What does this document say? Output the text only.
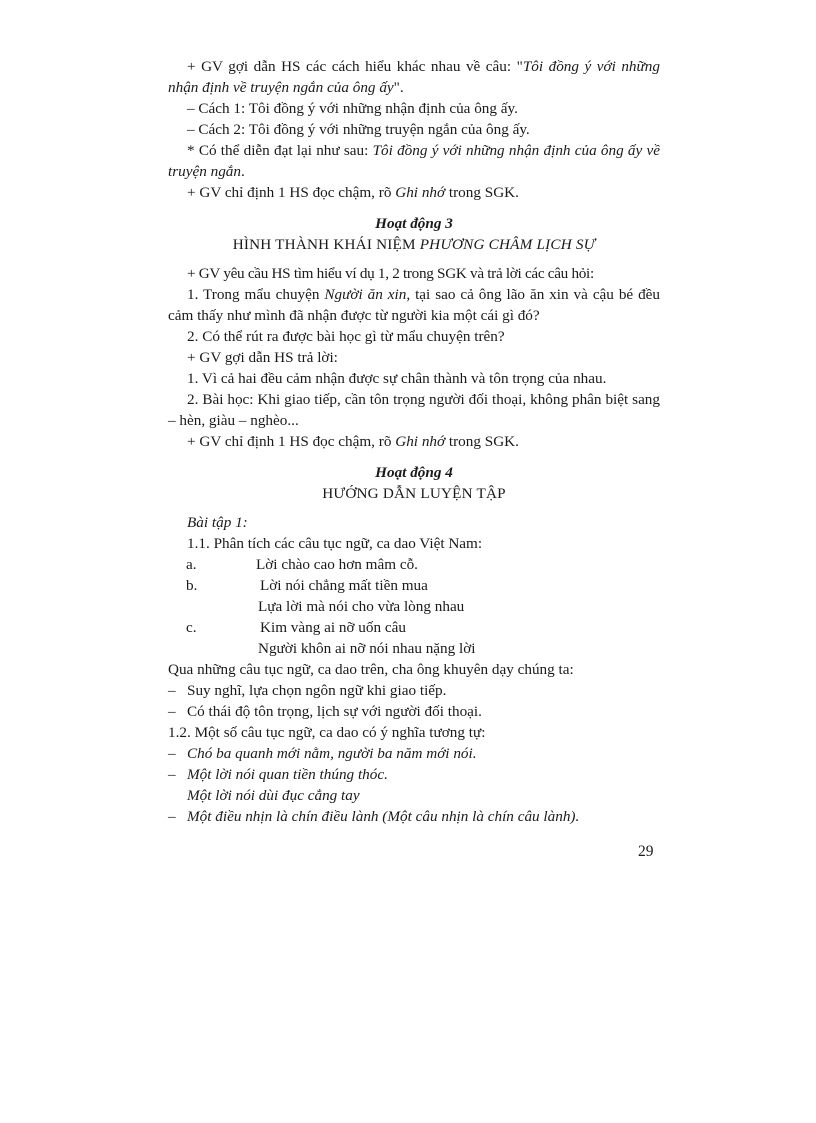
+ GV gợi dẫn HS các cách hiểu khác nhau về câu: "Tôi đồng ý với những nhận định về truyện ngắn của ông ấy".

– Cách 1: Tôi đồng ý với những nhận định của ông ấy.

– Cách 2: Tôi đồng ý với những truyện ngắn của ông ấy.

* Có thể diễn đạt lại như sau: Tôi đồng ý với những nhận định của ông ấy về truyện ngắn.

+ GV chỉ định 1 HS đọc chậm, rõ Ghi nhớ trong SGK.

Hoạt động 3

HÌNH THÀNH KHÁI NIỆM PHƯƠNG CHÂM LỊCH SỰ

+ GV yêu cầu HS tìm hiểu ví dụ 1, 2 trong SGK và trả lời các câu hỏi:

1. Trong mẩu chuyện Người ăn xin, tại sao cả ông lão ăn xin và cậu bé đều cảm thấy như mình đã nhận được từ người kia một cái gì đó?

2. Có thể rút ra được bài học gì từ mẩu chuyện trên?

+ GV gợi dẫn HS trả lời:

1. Vì cả hai đều cảm nhận được sự chân thành và tôn trọng của nhau.

2. Bài học: Khi giao tiếp, cần tôn trọng người đối thoại, không phân biệt sang – hèn, giàu – nghèo...

+ GV chỉ định 1 HS đọc chậm, rõ Ghi nhớ trong SGK.

Hoạt động 4

HƯỚNG DẪN LUYỆN TẬP

Bài tập 1:

1.1. Phân tích các câu tục ngữ, ca dao Việt Nam:

a.	Lời chào cao hơn mâm cỗ.
b.	Lời nói chẳng mất tiền mua

Lựa lời mà nói cho vừa lòng nhau

c.	Kim vàng ai nỡ uốn câu

Người khôn ai nỡ nói nhau nặng lời

Qua những câu tục ngữ, ca dao trên, cha ông khuyên dạy chúng ta:

– Suy nghĩ, lựa chọn ngôn ngữ khi giao tiếp.
– Có thái độ tôn trọng, lịch sự với người đối thoại.

1.2. Một số câu tục ngữ, ca dao có ý nghĩa tương tự:

– Chó ba quanh mới nằm, người ba năm mới nói.
– Một lời nói quan tiền thúng thóc.

Một lời nói dùi đục cẳng tay

– Một điều nhịn là chín điều lành (Một câu nhịn là chín câu lành).
29
